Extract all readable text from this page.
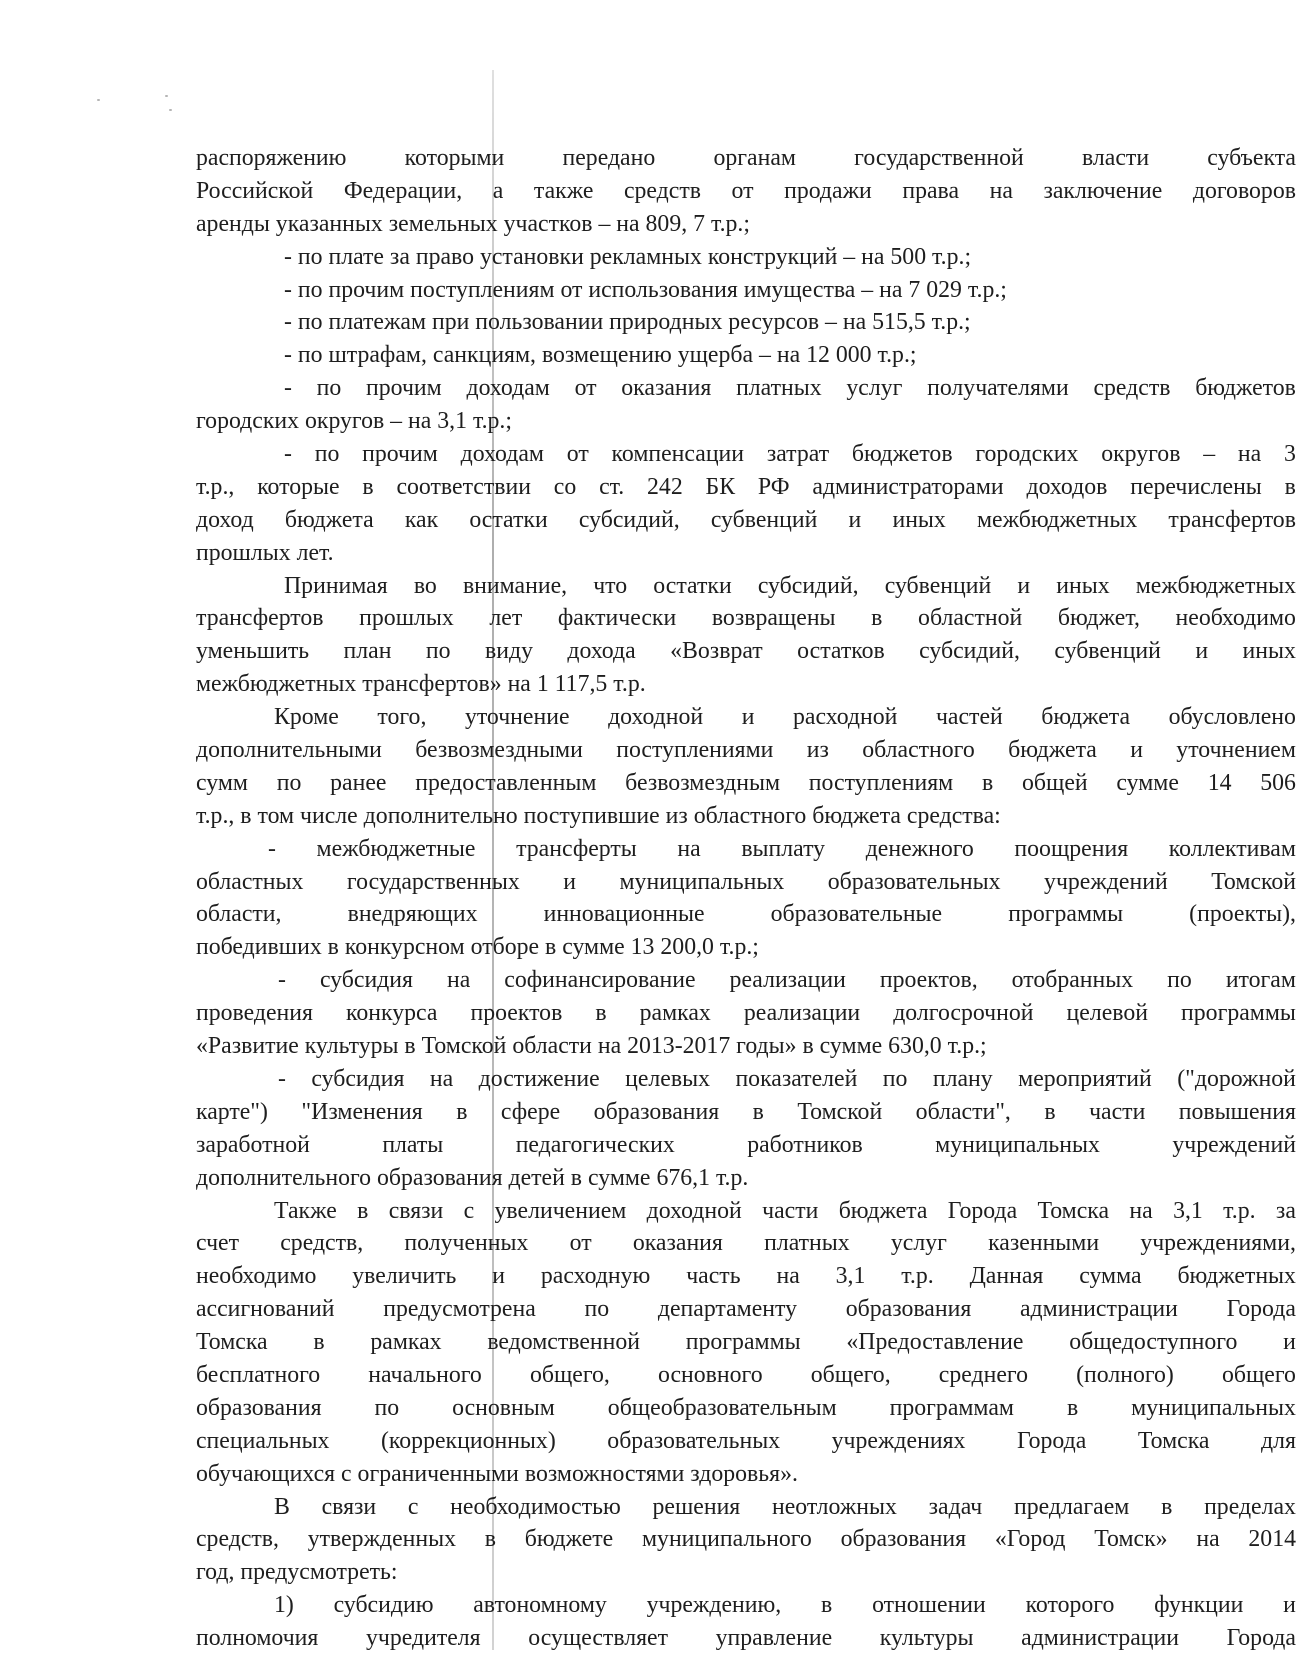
распоряжению которыми передано органам государственной власти субъекта
Российской Федерации, а также средств от продажи права на заключение договоров
аренды указанных земельных участков – на 809, 7 т.р.;
- по плате за право установки рекламных конструкций – на 500 т.р.;
- по прочим поступлениям от использования имущества – на 7 029 т.р.;
- по платежам при пользовании природных ресурсов – на 515,5 т.р.;
- по штрафам, санкциям, возмещению ущерба – на 12 000 т.р.;
- по прочим доходам от оказания платных услуг получателями средств бюджетов
городских округов – на 3,1 т.р.;
- по прочим доходам от компенсации затрат бюджетов городских округов – на 3
т.р., которые в соответствии со ст. 242 БК РФ администраторами доходов перечислены в
доход бюджета как остатки субсидий, субвенций и иных межбюджетных трансфертов
прошлых лет.
Принимая во внимание, что остатки субсидий, субвенций и иных межбюджетных
трансфертов прошлых лет фактически возвращены в областной бюджет, необходимо
уменьшить план по виду дохода «Возврат остатков субсидий, субвенций и иных
межбюджетных трансфертов» на 1 117,5 т.р.
Кроме того, уточнение доходной и расходной частей бюджета обусловлено
дополнительными безвозмездными поступлениями из областного бюджета и уточнением
сумм по ранее предоставленным безвозмездным поступлениям в общей сумме 14 506
т.р., в том числе дополнительно поступившие из областного бюджета средства:
- межбюджетные трансферты на выплату денежного поощрения коллективам
областных государственных и муниципальных образовательных учреждений Томской
области,	внедряющих	инновационные	образовательные	программы	(проекты),
победивших в конкурсном отборе в сумме 13 200,0 т.р.;
- субсидия на софинансирование реализации проектов, отобранных по итогам
проведения конкурса проектов в рамках реализации долгосрочной целевой программы
«Развитие культуры в Томской области на 2013-2017 годы» в сумме 630,0 т.р.;
- субсидия на достижение целевых показателей по плану мероприятий ("дорожной
карте") "Изменения в сфере образования в Томской области", в части повышения
заработной	платы	педагогических	работников	муниципальных	учреждений
дополнительного образования детей в сумме 676,1 т.р.
Также в связи с увеличением доходной части бюджета Города Томска на 3,1 т.р. за
счет средств, полученных от оказания платных услуг казенными учреждениями,
необходимо увеличить и расходную часть на 3,1 т.р. Данная сумма бюджетных
ассигнований предусмотрена по департаменту образования администрации Города
Томска в рамках ведомственной программы «Предоставление общедоступного и
бесплатного начального общего, основного общего, среднего (полного) общего
образования по основным общеобразовательным программам в муниципальных
специальных (коррекционных) образовательных учреждениях Города Томска для
обучающихся с ограниченными возможностями здоровья».
В связи с необходимостью решения неотложных задач предлагаем в пределах
средств, утвержденных в бюджете муниципального образования «Город Томск» на 2014
год, предусмотреть:
1) субсидию автономному учреждению, в отношении которого функции и
полномочия учредителя осуществляет управление культуры администрации Города
